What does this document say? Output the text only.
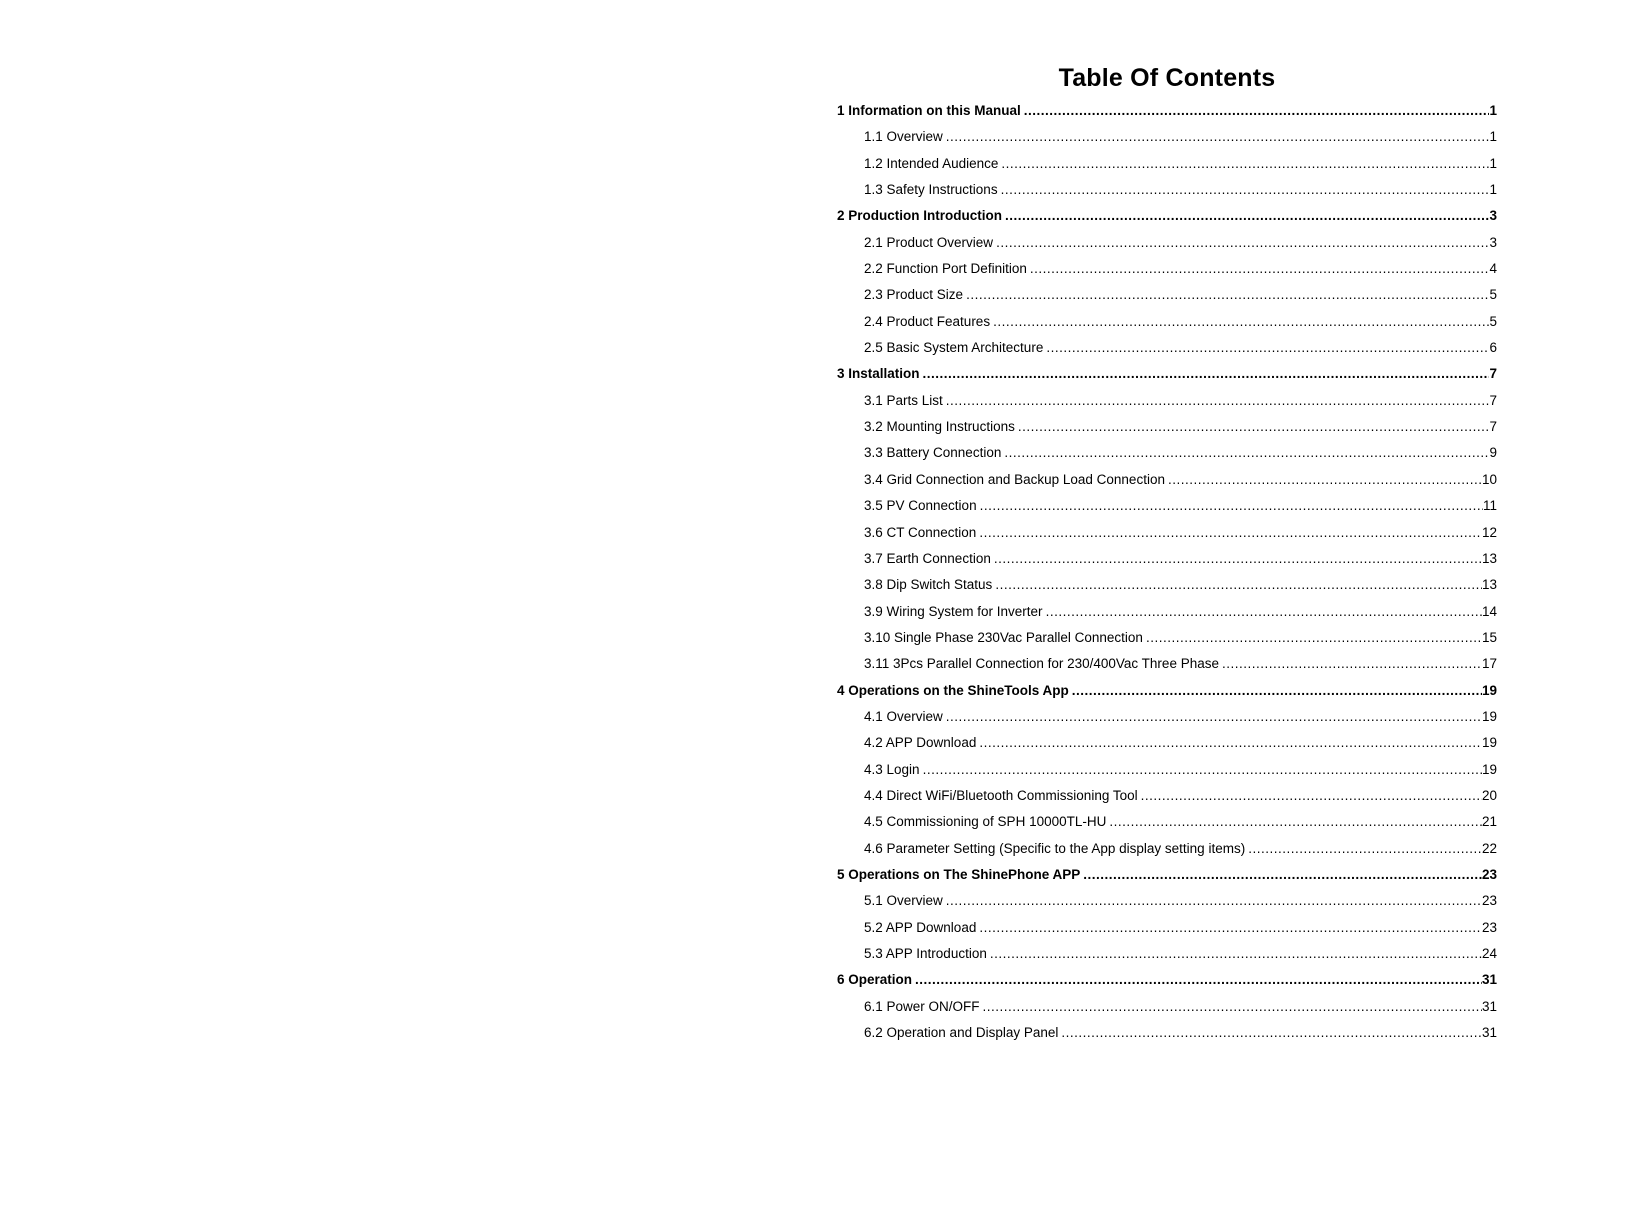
Table Of Contents
1 Information on this Manual .....	1
1.1 Overview .....	1
1.2 Intended Audience .....	1
1.3 Safety Instructions .....	1
2 Production Introduction .....	3
2.1 Product Overview .....	3
2.2 Function Port Definition .....	4
2.3 Product Size .....	5
2.4 Product Features .....	5
2.5 Basic System Architecture .....	6
3 Installation .....	7
3.1 Parts List .....	7
3.2 Mounting Instructions .....	7
3.3 Battery Connection .....	9
3.4 Grid Connection and Backup Load Connection .....	10
3.5 PV Connection .....	11
3.6 CT Connection .....	12
3.7 Earth Connection .....	13
3.8 Dip Switch Status .....	13
3.9 Wiring System for Inverter .....	14
3.10 Single Phase 230Vac Parallel Connection .....	15
3.11 3Pcs Parallel Connection for 230/400Vac Three Phase .....	17
4 Operations on the ShineTools App .....	19
4.1 Overview .....	19
4.2 APP Download .....	19
4.3 Login .....	19
4.4 Direct WiFi/Bluetooth Commissioning Tool .....	20
4.5 Commissioning of SPH 10000TL-HU .....	21
4.6 Parameter Setting (Specific to the App display setting items) .....	22
5 Operations on The ShinePhone APP .....	23
5.1 Overview .....	23
5.2 APP Download .....	23
5.3 APP Introduction .....	24
6 Operation .....	31
6.1 Power ON/OFF .....	31
6.2 Operation and Display Panel .....	31
